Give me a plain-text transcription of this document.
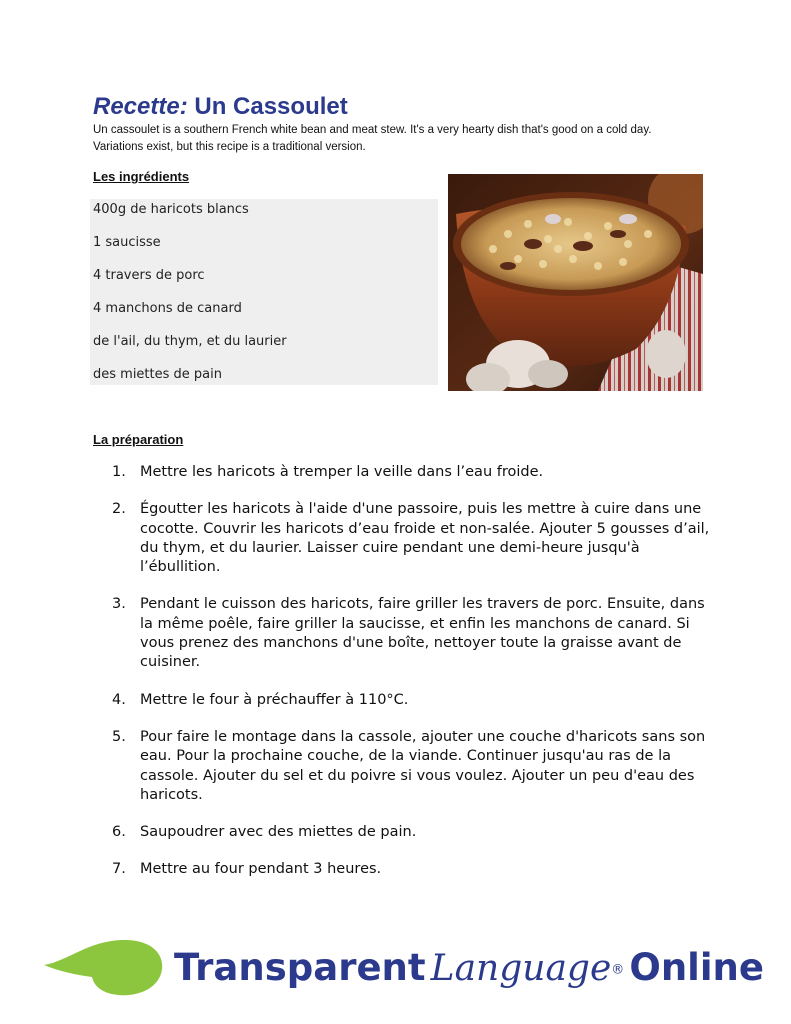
Recette: Un Cassoulet
Un cassoulet is a southern French white bean and meat stew. It's a very hearty dish that's good on a cold day. Variations exist, but this recipe is a traditional version.
Les ingrédients
400g de haricots blancs
1 saucisse
4 travers de porc
4 manchons de canard
de l'ail, du thym, et du laurier
des miettes de pain
La préparation
1. Mettre les haricots à tremper la veille dans l’eau froide.
2. Égoutter les haricots à l'aide d'une passoire, puis les mettre à cuire dans une cocotte. Couvrir les haricots d’eau froide et non-salée. Ajouter 5 gousses d’ail, du thym, et du laurier. Laisser cuire pendant une demi-heure jusqu'à l’ébullition.
3. Pendant le cuisson des haricots, faire griller les travers de porc. Ensuite, dans la même poêle, faire griller la saucisse, et enfin les manchons de canard. Si vous prenez des manchons d'une boîte, nettoyer toute la graisse avant de cuisiner.
4. Mettre le four à préchauffer à 110°C.
5. Pour faire le montage dans la cassole, ajouter une couche d'haricots sans son eau. Pour la prochaine couche, de la viande. Continuer jusqu'au ras de la cassole. Ajouter du sel et du poivre si vous voulez. Ajouter un peu d'eau des haricots.
6. Saupoudrer avec des miettes de pain.
7. Mettre au four pendant 3 heures.
Transparent Language® Online
